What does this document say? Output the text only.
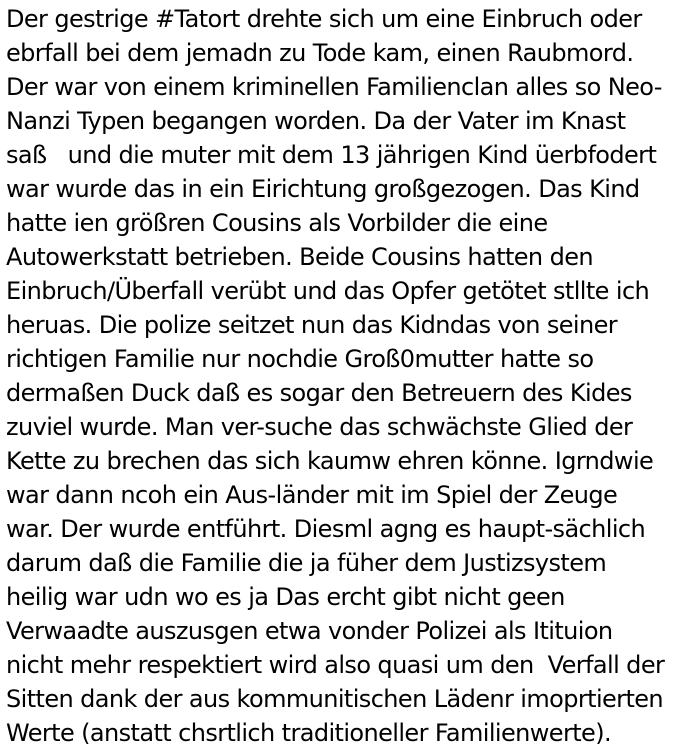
Der gestrige #Tatort drehte sich um eine Einbruch oder
ebrfall bei dem jemadn zu Tode kam, einen Raubmord.
Der war von einem kriminellen Familienclan alles so Neo-
Nanzi Typen begangen worden. Da der Vater im Knast
saß   und die muter mit dem 13 jährigen Kind üerbfodert
war wurde das in ein Eirichtung großgezogen. Das Kind
hatte ien größren Cousins als Vorbilder die eine
Autowerkstatt betrieben. Beide Cousins hatten den
Einbruch/Überfall verübt und das Opfer getötet stllte ich
heruas. Die polize seitzet nun das Kidndas von seiner
richtigen Familie nur nochdie Groß0mutter hatte so
dermaßen Duck daß es sogar den Betreuern des Kides
zuviel wurde. Man ver-suche das schwächste Glied der
Kette zu brechen das sich kaumw ehren könne. Igrndwie
war dann ncoh ein Aus-länder mit im Spiel der Zeuge
war. Der wurde entführt. Diesml agng es haupt-sächlich
darum daß die Familie die ja füher dem Justizsystem
heilig war udn wo es ja Das ercht gibt nicht geen
Verwaadte auszusgen etwa vonder Polizei als Itituion
nicht mehr respektiert wird also quasi um den  Verfall der
Sitten dank der aus kommunitischen Lädenr imoprtierten
Werte (anstatt chsrtlich traditioneller Familienwerte).
